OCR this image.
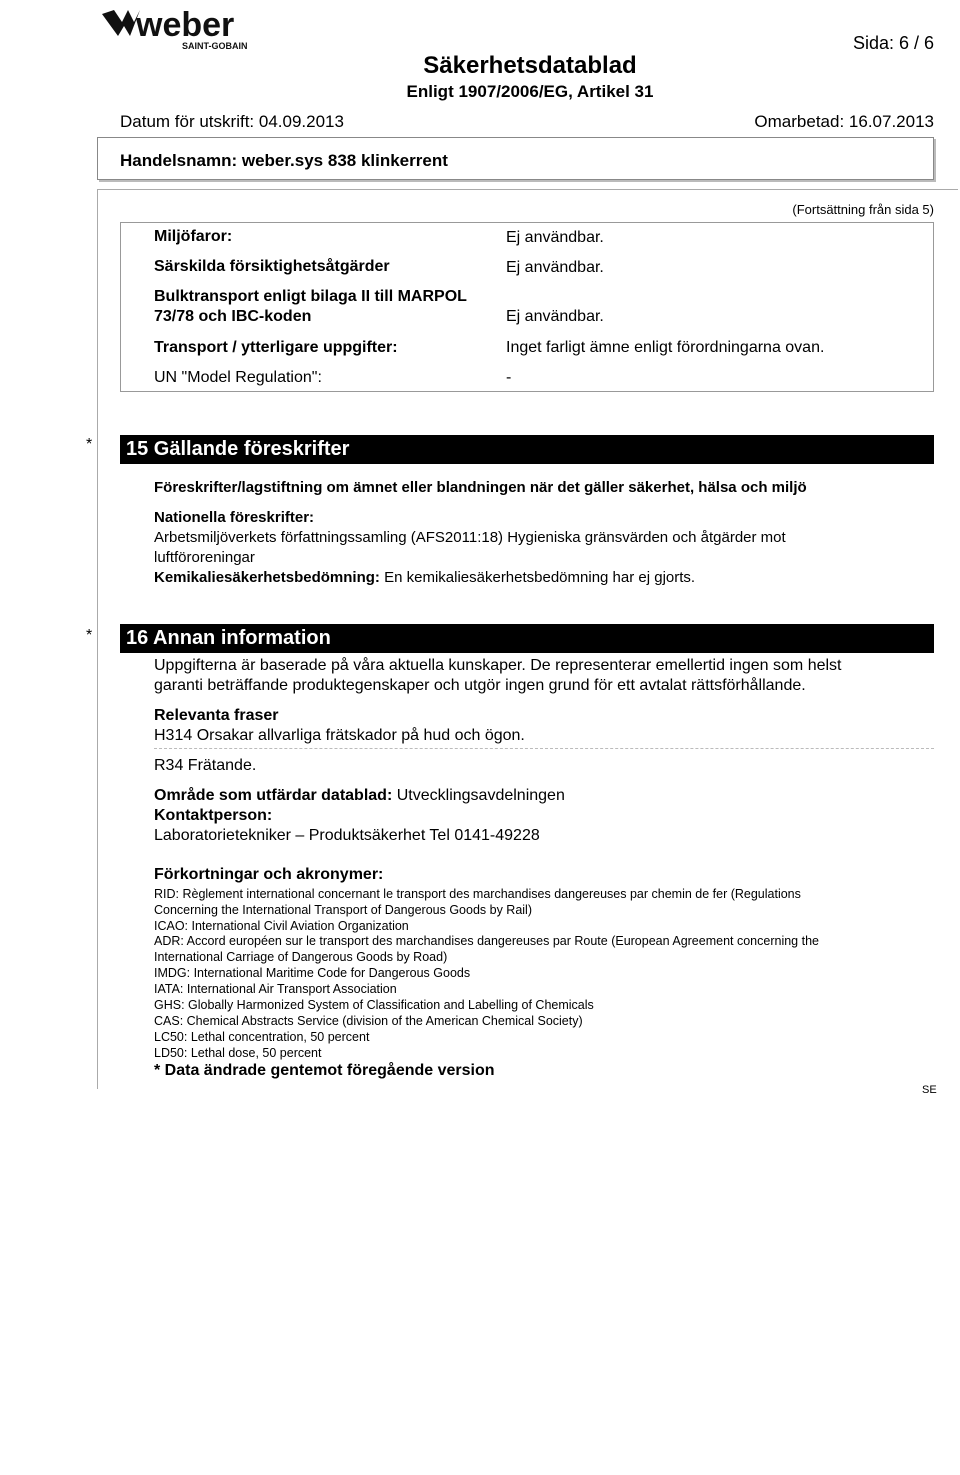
weber
SAINT-GOBAIN	Sida: 6 / 6
Säkerhetsdatablad
Enligt 1907/2006/EG, Artikel 31
Datum för utskrift: 04.09.2013	Omarbetad: 16.07.2013
Handelsnamn: weber.sys 838 klinkerrent
(Fortsättning från sida 5)
Miljöfaror:	Ej användbar.
Särskilda försiktighetsåtgärder	Ej användbar.
Bulktransport enligt bilaga II till MARPOL
73/78 och IBC-koden	Ej användbar.
Transport / ytterligare uppgifter:	Inget farligt ämne enligt förordningarna ovan.
UN "Model Regulation":	-
*	15 Gällande föreskrifter
Föreskrifter/lagstiftning om ämnet eller blandningen när det gäller säkerhet, hälsa och miljö
Nationella föreskrifter:
Arbetsmiljöverkets författningssamling (AFS2011:18) Hygieniska gränsvärden och åtgärder mot
luftföroreningar
Kemikaliesäkerhetsbedömning: En kemikaliesäkerhetsbedömning har ej gjorts.
*	16 Annan information
Uppgifterna är baserade på våra aktuella kunskaper. De representerar emellertid ingen som helst
garanti beträffande produktegenskaper och utgör ingen grund för ett avtalat rättsförhållande.
Relevanta fraser
H314 Orsakar allvarliga frätskador på hud och ögon.
R34 Frätande.
Område som utfärdar datablad: Utvecklingsavdelningen
Kontaktperson:
Laboratorietekniker – Produktsäkerhet Tel 0141-49228
Förkortningar och akronymer:
RID: Règlement international concernant le transport des marchandises dangereuses par chemin de fer (Regulations
Concerning the International Transport of Dangerous Goods by Rail)
ICAO: International Civil Aviation Organization
ADR: Accord européen sur le transport des marchandises dangereuses par Route (European Agreement concerning the
International Carriage of Dangerous Goods by Road)
IMDG: International Maritime Code for Dangerous Goods
IATA: International Air Transport Association
GHS: Globally Harmonized System of Classification and Labelling of Chemicals
CAS: Chemical Abstracts Service (division of the American Chemical Society)
LC50: Lethal concentration, 50 percent
LD50: Lethal dose, 50 percent
* Data ändrade gentemot föregående version
SE
